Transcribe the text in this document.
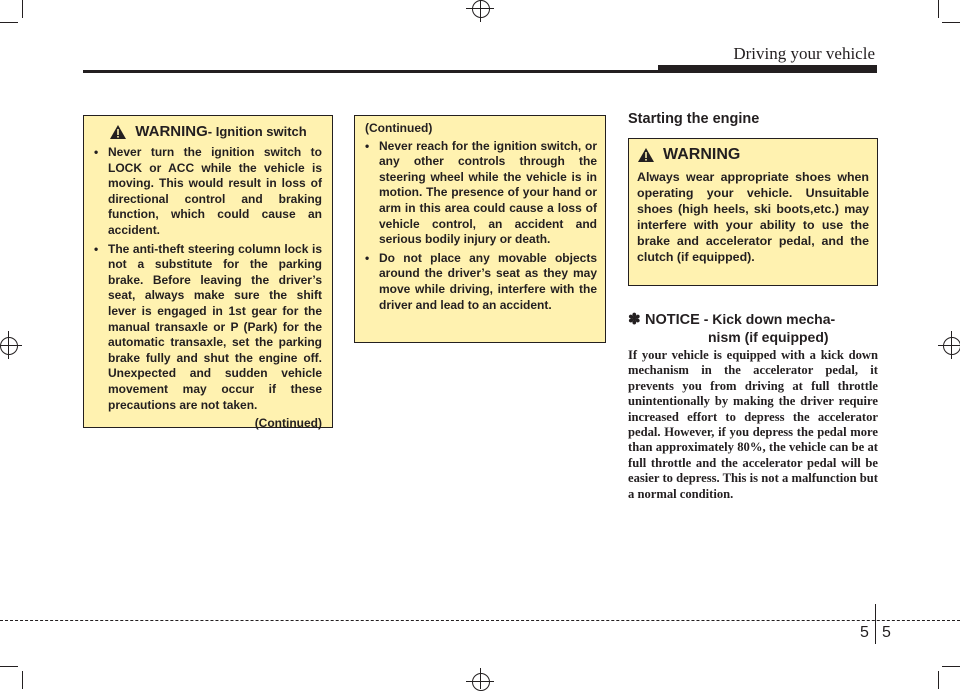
Driving your vehicle
WARNING - Ignition switch
• Never turn the ignition switch to LOCK or ACC while the vehicle is moving. This would result in loss of directional control and braking function, which could cause an accident.
• The anti-theft steering column lock is not a substitute for the parking brake. Before leaving the driver’s seat, always make sure the shift lever is engaged in 1st gear for the manual transaxle or P (Park) for the automatic transaxle, set the parking brake fully and shut the engine off. Unexpected and sudden vehicle movement may occur if these precautions are not taken.
(Continued)
(Continued)
• Never reach for the ignition switch, or any other controls through the steering wheel while the vehicle is in motion. The presence of your hand or arm in this area could cause a loss of vehicle control, an accident and serious bodily injury or death.
• Do not place any movable objects around the driver’s seat as they may move while driving, interfere with the driver and lead to an accident.
Starting the engine
WARNING
Always wear appropriate shoes when operating your vehicle. Unsuitable shoes (high heels, ski boots,etc.) may interfere with your ability to use the brake and accelerator pedal, and the clutch (if equipped).
✽ NOTICE - Kick down mecha-
nism (if equipped)
If your vehicle is equipped with a kick down mechanism in the accelerator pedal, it prevents you from driving at full throttle unintentionally by making the driver require increased effort to depress the accelerator pedal. However, if you depress the pedal more than approximately 80%, the vehicle can be at full throttle and the accelerator pedal will be easier to depress. This is not a malfunction but a normal condition.
5 5
